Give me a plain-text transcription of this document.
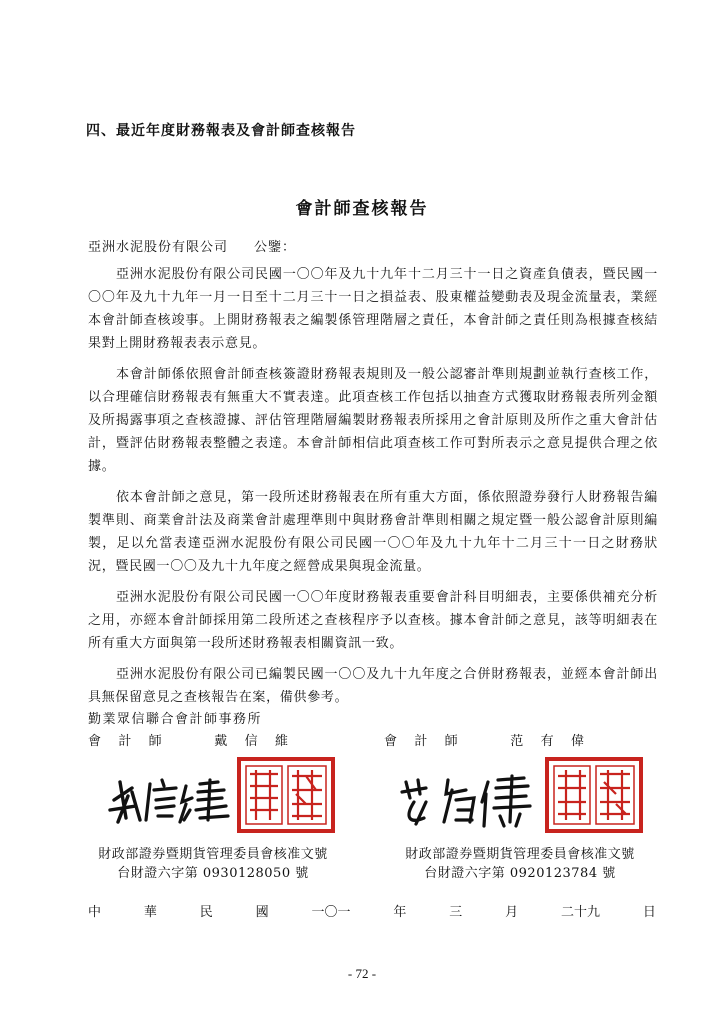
四、最近年度財務報表及會計師查核報告
會計師查核報告
亞洲水泥股份有限公司 公鑒：

亞洲水泥股份有限公司民國一〇〇年及九十九年十二月三十一日之資產負債表，暨民國一〇〇年及九十九年一月一日至十二月三十一日之損益表、股東權益變動表及現金流量表，業經本會計師查核竣事。上開財務報表之編製係管理階層之責任，本會計師之責任則為根據查核結果對上開財務報表表示意見。

本會計師係依照會計師查核簽證財務報表規則及一般公認審計準則規劃並執行查核工作，以合理確信財務報表有無重大不實表達。此項查核工作包括以抽查方式獲取財務報表所列金額及所揭露事項之查核證據、評估管理階層編製財務報表所採用之會計原則及所作之重大會計估計，暨評估財務報表整體之表達。本會計師相信此項查核工作可對所表示之意見提供合理之依據。

依本會計師之意見，第一段所述財務報表在所有重大方面，係依照證券發行人財務報告編製準則、商業會計法及商業會計處理準則中與財務會計準則相關之規定暨一般公認會計原則編製，足以允當表達亞洲水泥股份有限公司民國一〇〇年及九十九年十二月三十一日之財務狀況，暨民國一〇〇及九十九年度之經營成果與現金流量。

亞洲水泥股份有限公司民國一〇〇年度財務報表重要會計科目明細表，主要係供補充分析之用，亦經本會計師採用第二段所述之查核程序予以查核。據本會計師之意見，該等明細表在所有重大方面與第一段所述財務報表相關資訊一致。

亞洲水泥股份有限公司已編製民國一〇〇及九十九年度之合併財務報表，並經本會計師出具無保留意見之查核報告在案，備供參考。

勤業眾信聯合會計師事務所
會 計 師	戴 信 維	會 計 師	范 有 偉
財政部證券暨期貨管理委員會核准文號
台財證六字第 0930128050 號
財政部證券暨期貨管理委員會核准文號
台財證六字第 0920123784 號
中	華	民	國	一〇一	年	三	月	二十九	日
- 72 -
